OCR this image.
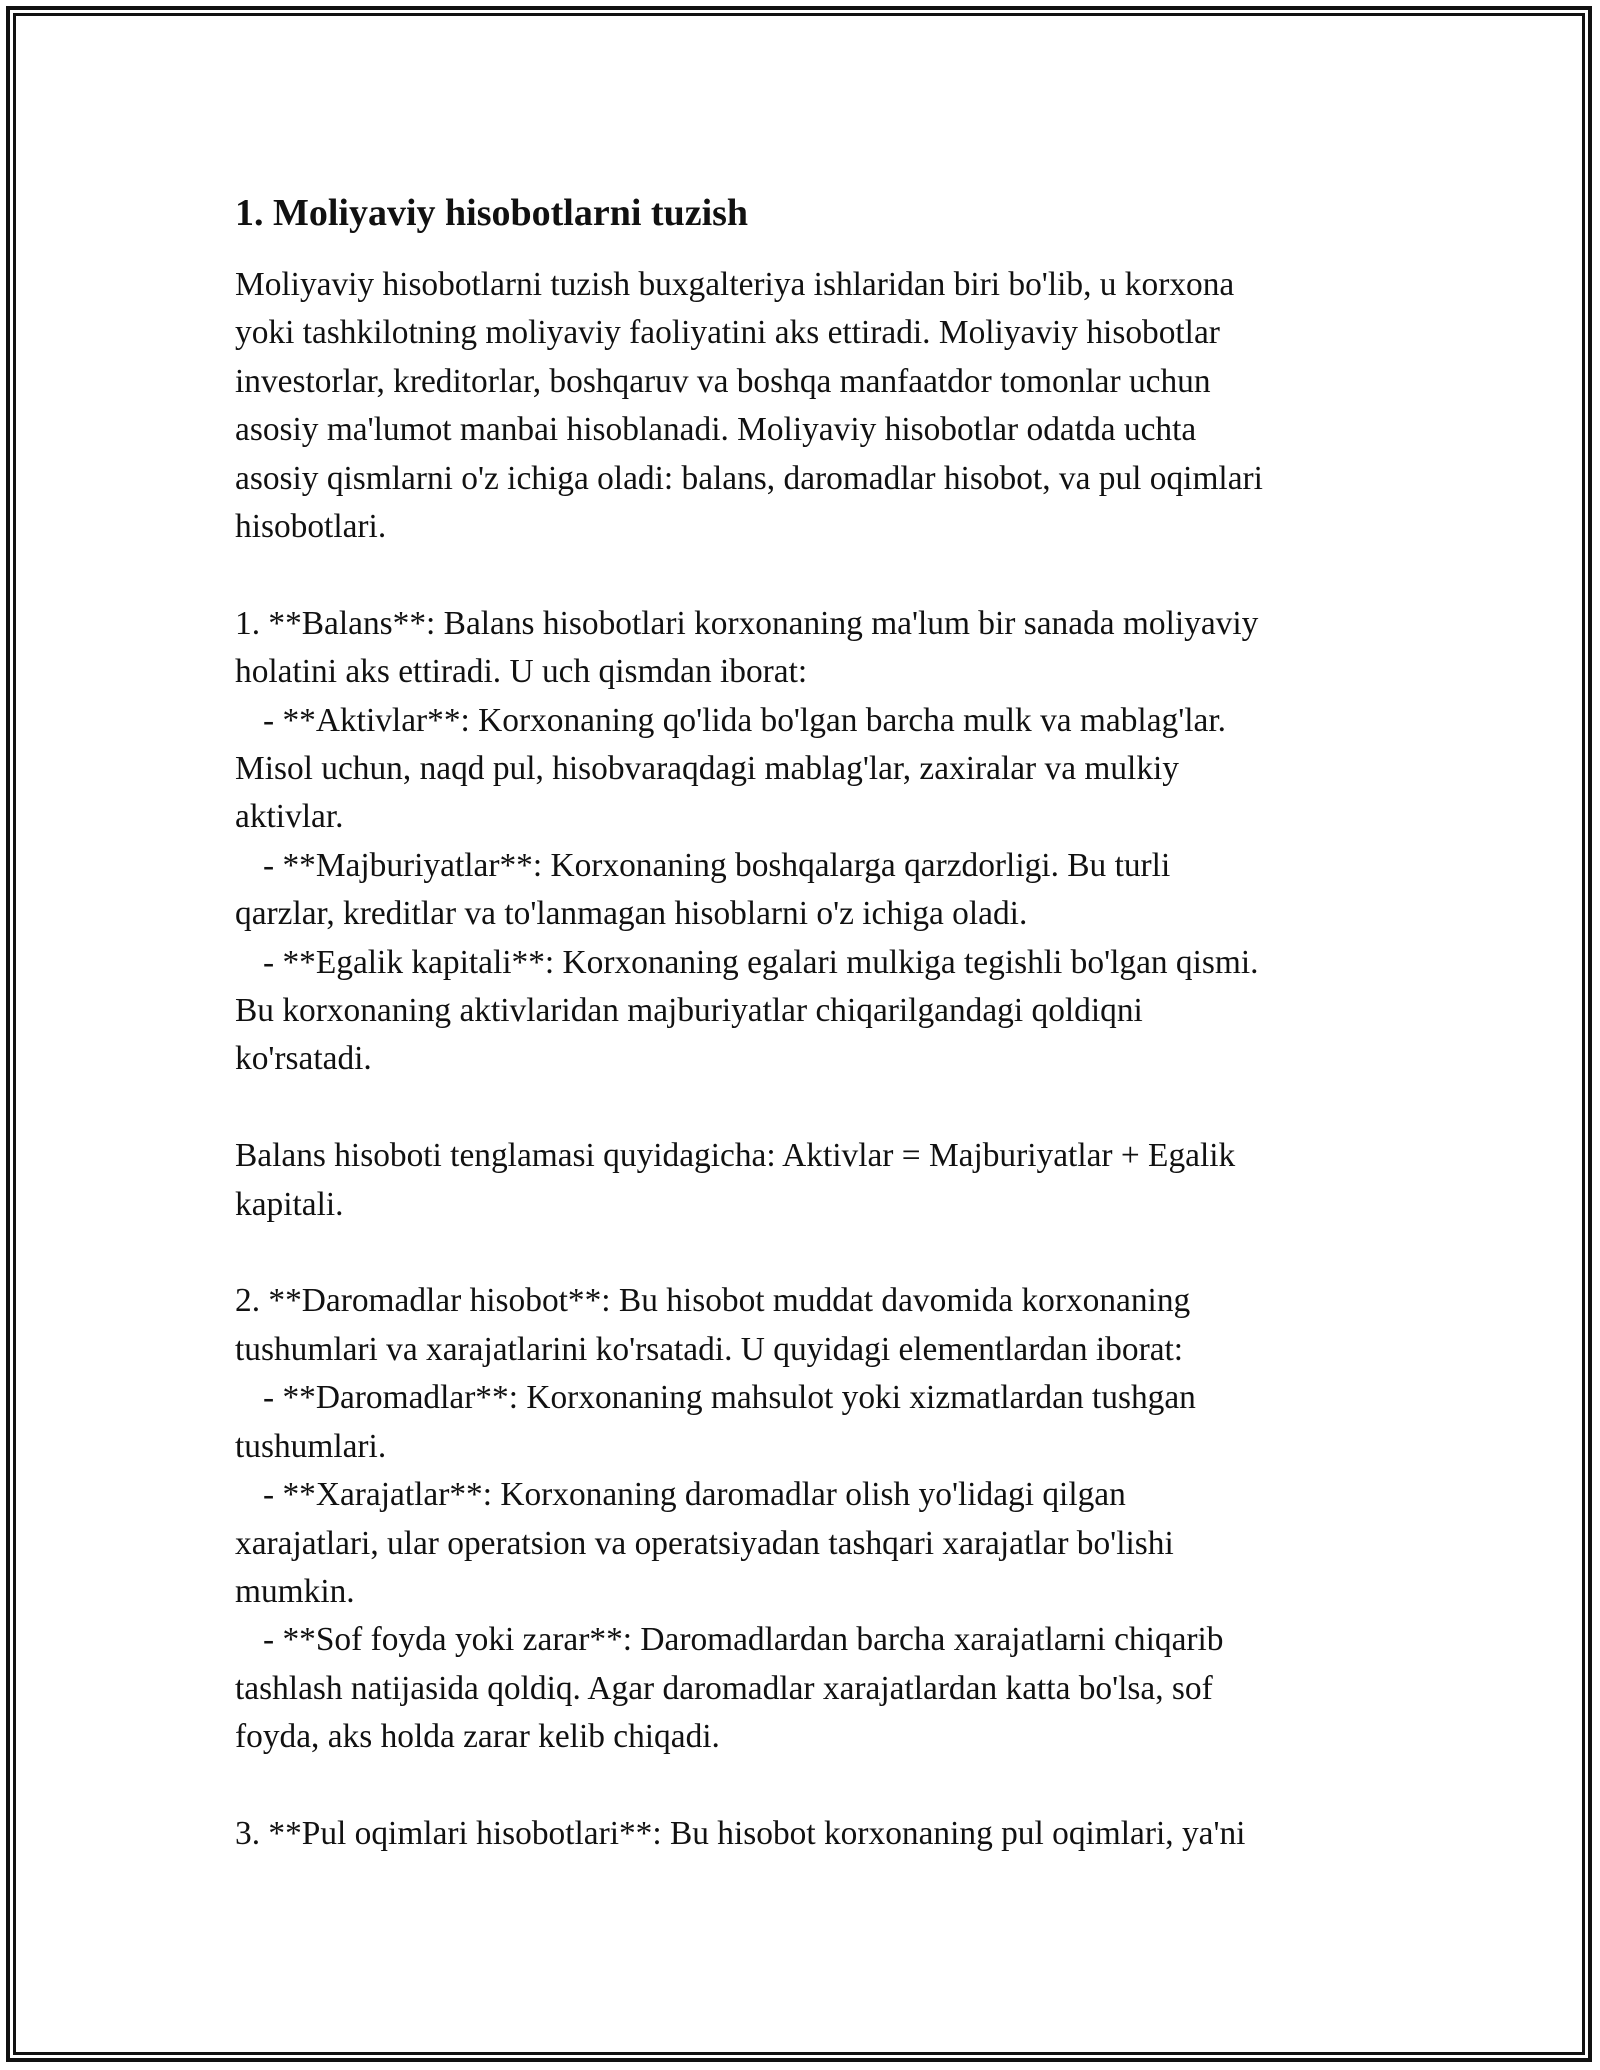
1. Moliyaviy hisobotlarni tuzish
Moliyaviy hisobotlarni tuzish buxgalteriya ishlaridan biri bo'lib, u korxona
yoki tashkilotning moliyaviy faoliyatini aks ettiradi. Moliyaviy hisobotlar
investorlar, kreditorlar, boshqaruv va boshqa manfaatdor tomonlar uchun
asosiy ma'lumot manbai hisoblanadi. Moliyaviy hisobotlar odatda uchta
asosiy qismlarni o'z ichiga oladi: balans, daromadlar hisobot, va pul oqimlari
hisobotlari.
1. **Balans**: Balans hisobotlari korxonaning ma'lum bir sanada moliyaviy
holatini aks ettiradi. U uch qismdan iborat:
- **Aktivlar**: Korxonaning qo'lida bo'lgan barcha mulk va mablag'lar.
Misol uchun, naqd pul, hisobvaraqdagi mablag'lar, zaxiralar va mulkiy
aktivlar.
- **Majburiyatlar**: Korxonaning boshqalarga qarzdorligi. Bu turli
qarzlar, kreditlar va to'lanmagan hisoblarni o'z ichiga oladi.
- **Egalik kapitali**: Korxonaning egalari mulkiga tegishli bo'lgan qismi.
Bu korxonaning aktivlaridan majburiyatlar chiqarilgandagi qoldiqni
ko'rsatadi.
Balans hisoboti tenglamasi quyidagicha: Aktivlar = Majburiyatlar + Egalik
kapitali.
2. **Daromadlar hisobot**: Bu hisobot muddat davomida korxonaning
tushumlari va xarajatlarini ko'rsatadi. U quyidagi elementlardan iborat:
- **Daromadlar**: Korxonaning mahsulot yoki xizmatlardan tushgan
tushumlari.
- **Xarajatlar**: Korxonaning daromadlar olish yo'lidagi qilgan
xarajatlari, ular operatsion va operatsiyadan tashqari xarajatlar bo'lishi
mumkin.
- **Sof foyda yoki zarar**: Daromadlardan barcha xarajatlarni chiqarib
tashlash natijasida qoldiq. Agar daromadlar xarajatlardan katta bo'lsa, sof
foyda, aks holda zarar kelib chiqadi.
3. **Pul oqimlari hisobotlari**: Bu hisobot korxonaning pul oqimlari, ya'ni
